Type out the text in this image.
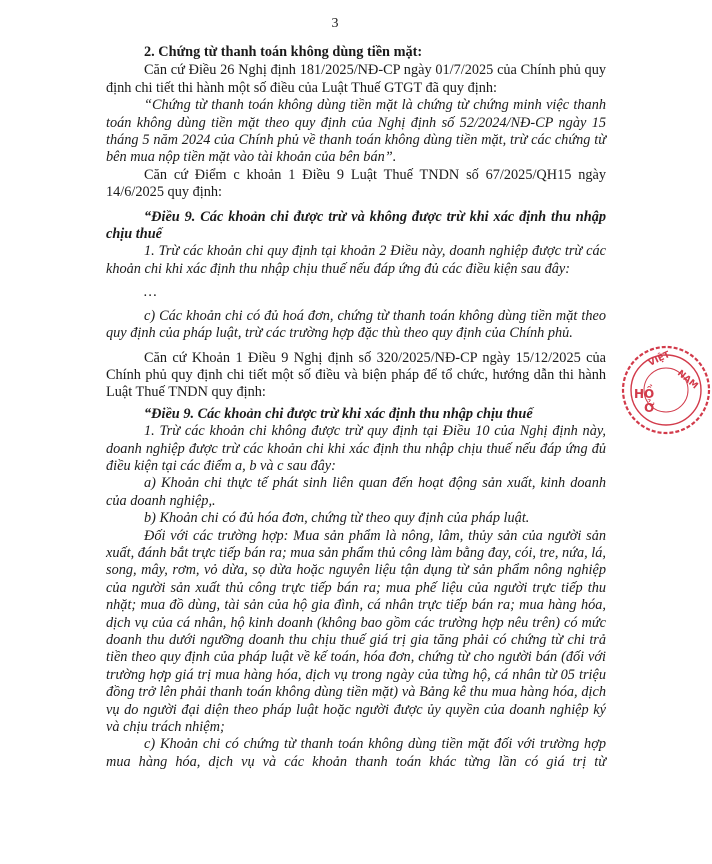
3

2. Chứng từ thanh toán không dùng tiền mặt:

Căn cứ Điều 26 Nghị định 181/2025/NĐ-CP ngày 01/7/2025 của Chính phủ quy định chi tiết thi hành một số điều của Luật Thuế GTGT đã quy định:

“Chứng từ thanh toán không dùng tiền mặt là chứng từ chứng minh việc thanh toán không dùng tiền mặt theo quy định của Nghị định số 52/2024/NĐ-CP ngày 15 tháng 5 năm 2024 của Chính phủ về thanh toán không dùng tiền mặt, trừ các chứng từ bên mua nộp tiền mặt vào tài khoản của bên bán”.

Căn cứ Điểm c khoản 1 Điều 9 Luật Thuế TNDN số 67/2025/QH15 ngày 14/6/2025 quy định:

“Điều 9. Các khoản chi được trừ và không được trừ khi xác định thu nhập chịu thuế

1. Trừ các khoản chi quy định tại khoản 2 Điều này, doanh nghiệp được trừ các khoản chi khi xác định thu nhập chịu thuế nếu đáp ứng đủ các điều kiện sau đây:

…

c) Các khoản chi có đủ hoá đơn, chứng từ thanh toán không dùng tiền mặt theo quy định của pháp luật, trừ các trường hợp đặc thù theo quy định của Chính phủ.

Căn cứ Khoản 1 Điều 9 Nghị định số 320/2025/NĐ-CP ngày 15/12/2025 của Chính phủ quy định chi tiết một số điều và biện pháp để tổ chức, hướng dẫn thi hành Luật Thuế TNDN quy định:

“Điều 9. Các khoản chi được trừ khi xác định thu nhập chịu thuế

1. Trừ các khoản chi không được trừ quy định tại Điều 10 của Nghị định này, doanh nghiệp được trừ các khoản chi khi xác định thu nhập chịu thuế nếu đáp ứng đủ điều kiện tại các điểm a, b và c sau đây:

a) Khoản chi thực tế phát sinh liên quan đến hoạt động sản xuất, kinh doanh của doanh nghiệp,.

b) Khoản chi có đủ hóa đơn, chứng từ theo quy định của pháp luật.

Đối với các trường hợp: Mua sản phẩm là nông, lâm, thủy sản của người sản xuất, đánh bắt trực tiếp bán ra; mua sản phẩm thủ công làm bằng đay, cói, tre, nứa, lá, song, mây, rơm, vỏ dừa, sọ dừa hoặc nguyên liệu tận dụng từ sản phẩm nông nghiệp của người sản xuất thủ công trực tiếp bán ra; mua phế liệu của người trực tiếp thu nhặt; mua đồ dùng, tài sản của hộ gia đình, cá nhân trực tiếp bán ra; mua hàng hóa, dịch vụ của cá nhân, hộ kinh doanh (không bao gồm các trường hợp nêu trên) có mức doanh thu dưới ngưỡng doanh thu chịu thuế giá trị gia tăng phải có chứng từ chi trả tiền theo quy định của pháp luật về kế toán, hóa đơn, chứng từ cho người bán (đối với trường hợp giá trị mua hàng hóa, dịch vụ trong ngày của từng hộ, cá nhân từ 05 triệu đồng trở lên phải thanh toán không dùng tiền mặt) và Bảng kê thu mua hàng hóa, dịch vụ do người đại diện theo pháp luật hoặc người được ủy quyền của doanh nghiệp ký và chịu trách nhiệm;

c) Khoản chi có chứng từ thanh toán không dùng tiền mặt đối với trường hợp mua hàng hóa, dịch vụ và các khoản thanh toán khác từng lần có giá trị từ

VIỆT
NAM
HỒ
Ở
